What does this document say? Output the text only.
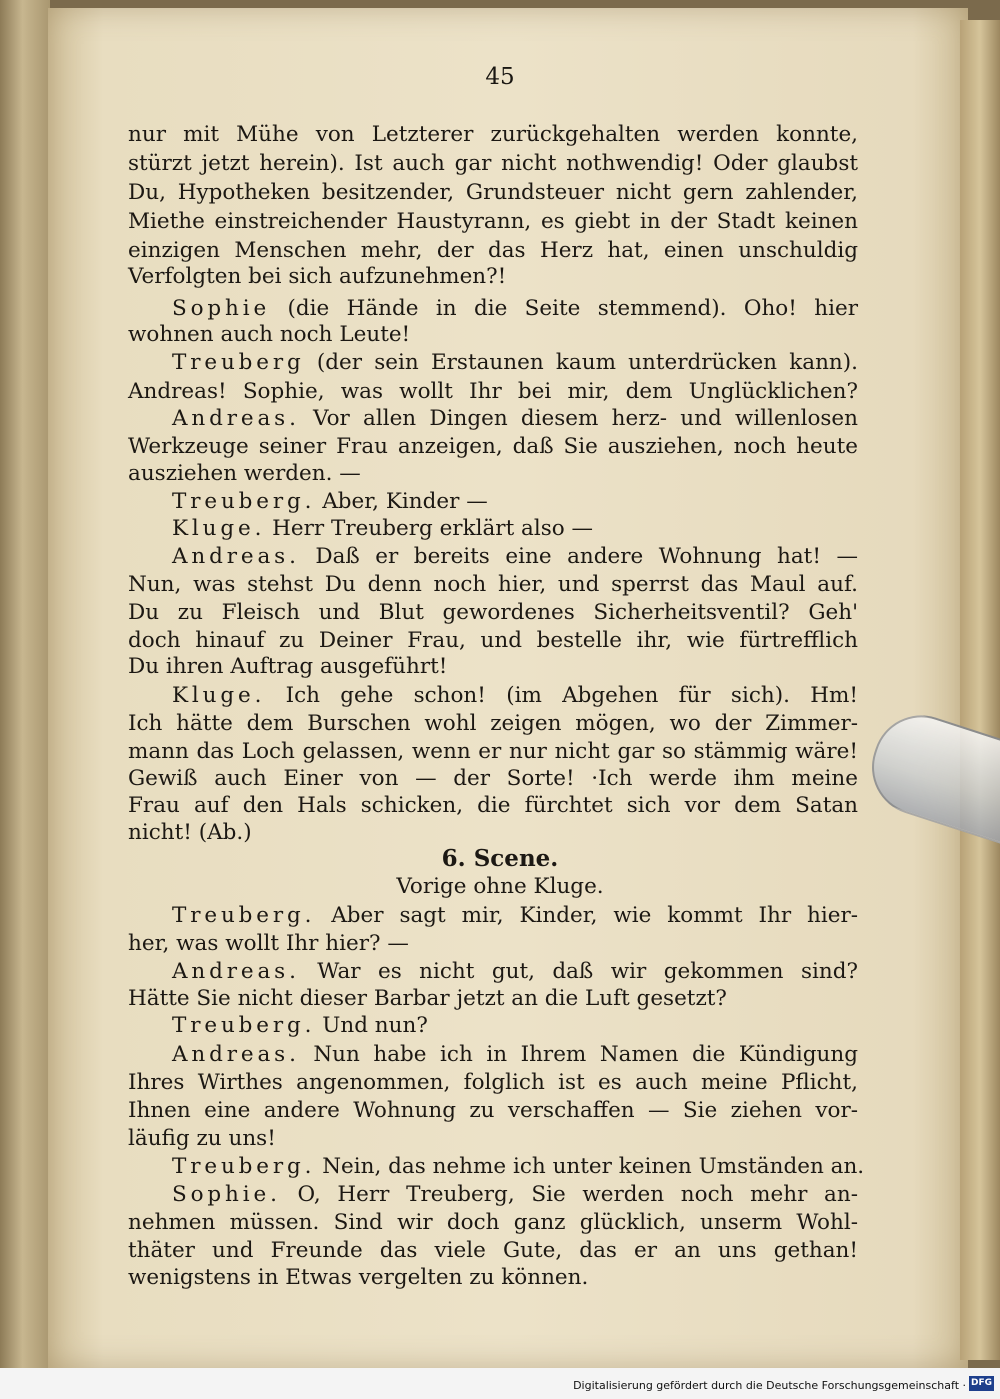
45
nur mit Mühe von Letzterer zurückgehalten werden konnte,
stürzt jetzt herein). Ist auch gar nicht nothwendig! Oder glaubst
Du, Hypotheken besitzender, Grundsteuer nicht gern zahlender,
Miethe einstreichender Haustyrann, es giebt in der Stadt keinen
einzigen Menschen mehr, der das Herz hat, einen unschuldig
Verfolgten bei sich aufzunehmen?!
Sophie (die Hände in die Seite stemmend). Oho! hier
wohnen auch noch Leute!
Treuberg (der sein Erstaunen kaum unterdrücken kann).
Andreas! Sophie, was wollt Ihr bei mir, dem Unglücklichen?
Andreas. Vor allen Dingen diesem herz- und willenlosen
Werkzeuge seiner Frau anzeigen, daß Sie ausziehen, noch heute
ausziehen werden. —
Treuberg. Aber, Kinder —
Kluge. Herr Treuberg erklärt also —
Andreas. Daß er bereits eine andere Wohnung hat! —
Nun, was stehst Du denn noch hier, und sperrst das Maul auf.
Du zu Fleisch und Blut gewordenes Sicherheitsventil? Geh'
doch hinauf zu Deiner Frau, und bestelle ihr, wie fürtrefflich
Du ihren Auftrag ausgeführt!
Kluge. Ich gehe schon! (im Abgehen für sich). Hm!
Ich hätte dem Burschen wohl zeigen mögen, wo der Zimmer-
mann das Loch gelassen, wenn er nur nicht gar so stämmig wäre!
Gewiß auch Einer von — der Sorte! ·Ich werde ihm meine
Frau auf den Hals schicken, die fürchtet sich vor dem Satan
nicht! (Ab.)
Treuberg. Aber sagt mir, Kinder, wie kommt Ihr hier-
her, was wollt Ihr hier? —
Andreas. War es nicht gut, daß wir gekommen sind?
Hätte Sie nicht dieser Barbar jetzt an die Luft gesetzt?
Treuberg. Und nun?
Andreas. Nun habe ich in Ihrem Namen die Kündigung
Ihres Wirthes angenommen, folglich ist es auch meine Pflicht,
Ihnen eine andere Wohnung zu verschaffen — Sie ziehen vor-
läufig zu uns!
Treuberg. Nein, das nehme ich unter keinen Umständen an.
Sophie. O, Herr Treuberg, Sie werden noch mehr an-
nehmen müssen. Sind wir doch ganz glücklich, unserm Wohl-
thäter und Freunde das viele Gute, das er an uns gethan!
wenigstens in Etwas vergelten zu können.
6. Scene.
Vorige ohne Kluge.
Digitalisierung gefördert durch die Deutsche Forschungsgemeinschaft · DFG
